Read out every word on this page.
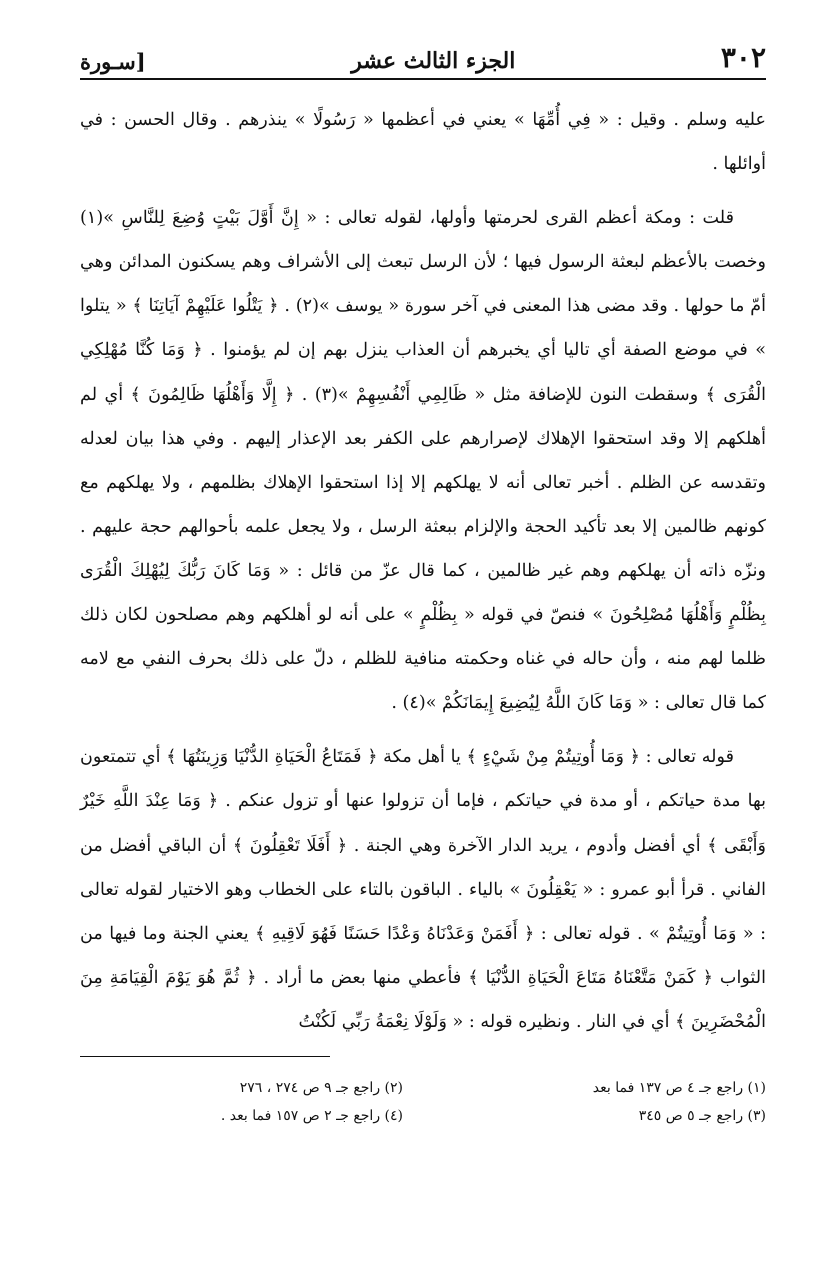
٣٠٢
الجزء الثالث عشر
[سـورة

عليه وسلم . وقيل : « فِي أُمِّهَا » يعني في أعظمها « رَسُولًا » ينذرهم . وقال الحسن : في أوائلها .

قلت : ومكة أعظم القرى لحرمتها وأولها، لقوله تعالى : « إِنَّ أَوَّلَ بَيْتٍ وُضِعَ لِلنَّاسِ »(١) وخصت بالأعظم لبعثة الرسول فيها ؛ لأن الرسل تبعث إلى الأشراف وهم يسكنون المدائن وهي أمّ ما حولها . وقد مضى هذا المعنى في آخر سورة « يوسف »(٢) . ﴿ يَتْلُوا عَلَيْهِمْ آيَاتِنَا ﴾ « يتلوا » في موضع الصفة أي تاليا أي يخبرهم أن العذاب ينزل بهم إن لم يؤمنوا . ﴿ وَمَا كُنَّا مُهْلِكِي الْقُرَى ﴾ وسقطت النون للإضافة مثل « ظَالِمِي أَنْفُسِهِمْ »(٣) . ﴿ إِلَّا وَأَهْلُهَا ظَالِمُونَ ﴾ أي لم أهلكهم إلا وقد استحقوا الإهلاك لإصرارهم على الكفر بعد الإعذار إليهم . وفي هذا بيان لعدله وتقدسه عن الظلم . أخبر تعالى أنه لا يهلكهم إلا إذا استحقوا الإهلاك بظلمهم ، ولا يهلكهم مع كونهم ظالمين إلا بعد تأكيد الحجة والإلزام ببعثة الرسل ، ولا يجعل علمه بأحوالهم حجة عليهم . ونزّه ذاته أن يهلكهم وهم غير ظالمين ، كما قال عزّ من قائل : « وَمَا كَانَ رَبُّكَ لِيُهْلِكَ الْقُرَى بِظُلْمٍ وَأَهْلُهَا مُصْلِحُونَ » فنصّ في قوله « بِظُلْمٍ » على أنه لو أهلكهم وهم مصلحون لكان ذلك ظلما لهم منه ، وأن حاله في غناه وحكمته منافية للظلم ، دلّ على ذلك بحرف النفي مع لامه كما قال تعالى : « وَمَا كَانَ اللَّهُ لِيُضِيعَ إِيمَانَكُمْ »(٤) .

قوله تعالى : ﴿ وَمَا أُوتِيتُمْ مِنْ شَيْءٍ ﴾ يا أهل مكة ﴿ فَمَتَاعُ الْحَيَاةِ الدُّنْيَا وَزِينَتُهَا ﴾ أي تتمتعون بها مدة حياتكم ، أو مدة في حياتكم ، فإما أن تزولوا عنها أو تزول عنكم . ﴿ وَمَا عِنْدَ اللَّهِ خَيْرٌ وَأَبْقَى ﴾ أي أفضل وأدوم ، يريد الدار الآخرة وهي الجنة . ﴿ أَفَلَا تَعْقِلُونَ ﴾ أن الباقي أفضل من الفاني . قرأ أبو عمرو : « يَعْقِلُونَ » بالياء . الباقون بالتاء على الخطاب وهو الاختيار لقوله تعالى : « وَمَا أُوتِيتُمْ » . قوله تعالى : ﴿ أَفَمَنْ وَعَدْنَاهُ وَعْدًا حَسَنًا فَهُوَ لَاقِيهِ ﴾ يعني الجنة وما فيها من الثواب ﴿ كَمَنْ مَتَّعْنَاهُ مَتَاعَ الْحَيَاةِ الدُّنْيَا ﴾ فأعطي منها بعض ما أراد . ﴿ ثُمَّ هُوَ يَوْمَ الْقِيَامَةِ مِنَ الْمُحْضَرِينَ ﴾ أي في النار . ونظيره قوله : « وَلَوْلَا نِعْمَةُ رَبِّي لَكُنْتُ

(١) راجع جـ ٤ ص ١٣٧ فما بعد
(٢) راجع جـ ٩ ص ٢٧٤ ، ٢٧٦
(٣) راجع جـ ٥ ص ٣٤٥
(٤) راجع جـ ٢ ص ١٥٧ فما بعد .
